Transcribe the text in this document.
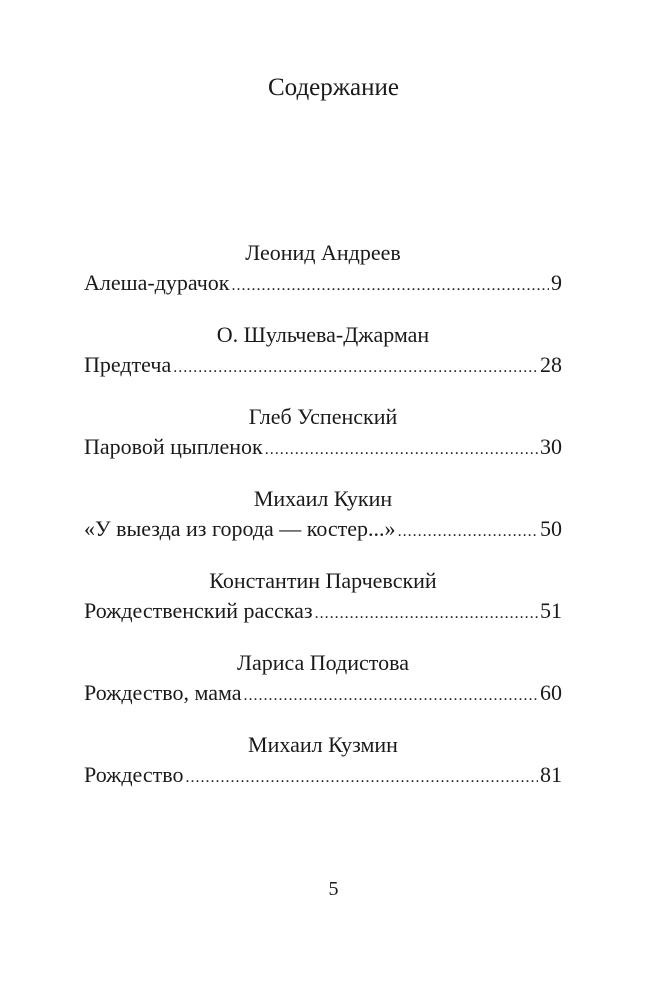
Содержание
Леонид Андреев
Алеша-дурачок .....	9
О. Шульчева-Джарман
Предтеча .....	28
Глеб Успенский
Паровой цыпленок .....	30
Михаил Кукин
«У выезда из города — костер...» .....	50
Константин Парчевский
Рождественский рассказ .....	51
Лариса Подистова
Рождество, мама .....	60
Михаил Кузмин
Рождество .....	81
5
